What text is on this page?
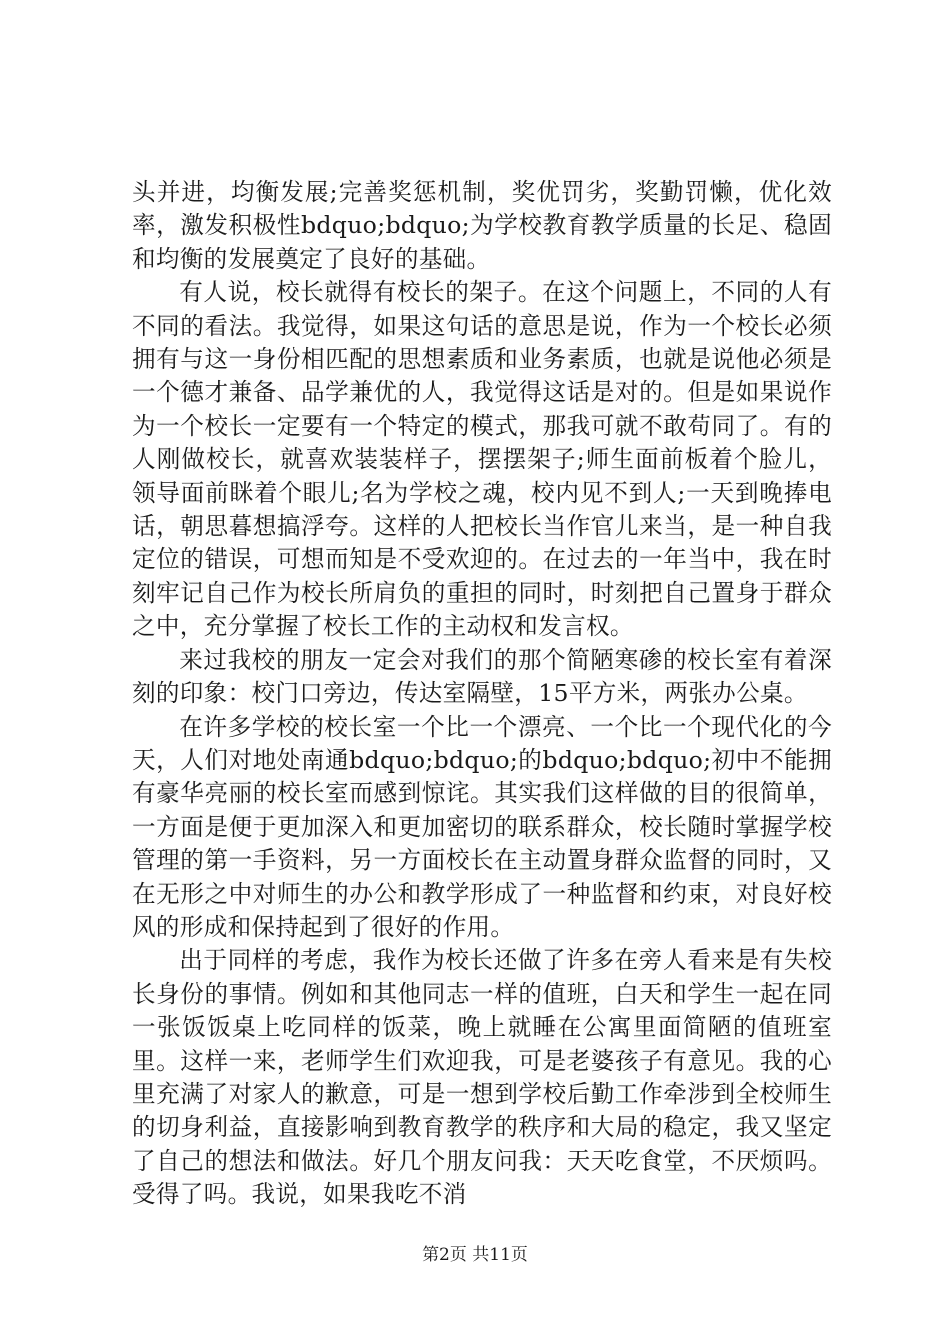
头并进，均衡发展;完善奖惩机制，奖优罚劣，奖勤罚懒，优化效率，激发积极性bdquo;bdquo;为学校教育教学质量的长足、稳固和均衡的发展奠定了良好的基础。

有人说，校长就得有校长的架子。在这个问题上，不同的人有不同的看法。我觉得，如果这句话的意思是说，作为一个校长必须拥有与这一身份相匹配的思想素质和业务素质，也就是说他必须是一个德才兼备、品学兼优的人，我觉得这话是对的。但是如果说作为一个校长一定要有一个特定的模式，那我可就不敢苟同了。有的人刚做校长，就喜欢装装样子，摆摆架子;师生面前板着个脸儿，领导面前眯着个眼儿;名为学校之魂，校内见不到人;一天到晚捧电话，朝思暮想搞浮夸。这样的人把校长当作官儿来当，是一种自我定位的错误，可想而知是不受欢迎的。在过去的一年当中，我在时刻牢记自己作为校长所肩负的重担的同时，时刻把自己置身于群众之中，充分掌握了校长工作的主动权和发言权。

来过我校的朋友一定会对我们的那个简陋寒碜的校长室有着深刻的印象：校门口旁边，传达室隔壁，15平方米，两张办公桌。

在许多学校的校长室一个比一个漂亮、一个比一个现代化的今天，人们对地处南通bdquo;bdquo;的bdquo;bdquo;初中不能拥有豪华亮丽的校长室而感到惊诧。其实我们这样做的目的很简单，一方面是便于更加深入和更加密切的联系群众，校长随时掌握学校管理的第一手资料，另一方面校长在主动置身群众监督的同时，又在无形之中对师生的办公和教学形成了一种监督和约束，对良好校风的形成和保持起到了很好的作用。

出于同样的考虑，我作为校长还做了许多在旁人看来是有失校长身份的事情。例如和其他同志一样的值班，白天和学生一起在同一张饭饭桌上吃同样的饭菜，晚上就睡在公寓里面简陋的值班室里。这样一来，老师学生们欢迎我，可是老婆孩子有意见。我的心里充满了对家人的歉意，可是一想到学校后勤工作牵涉到全校师生的切身利益，直接影响到教育教学的秩序和大局的稳定，我又坚定了自己的想法和做法。好几个朋友问我：天天吃食堂，不厌烦吗。受得了吗。我说，如果我吃不消

第2页 共11页
